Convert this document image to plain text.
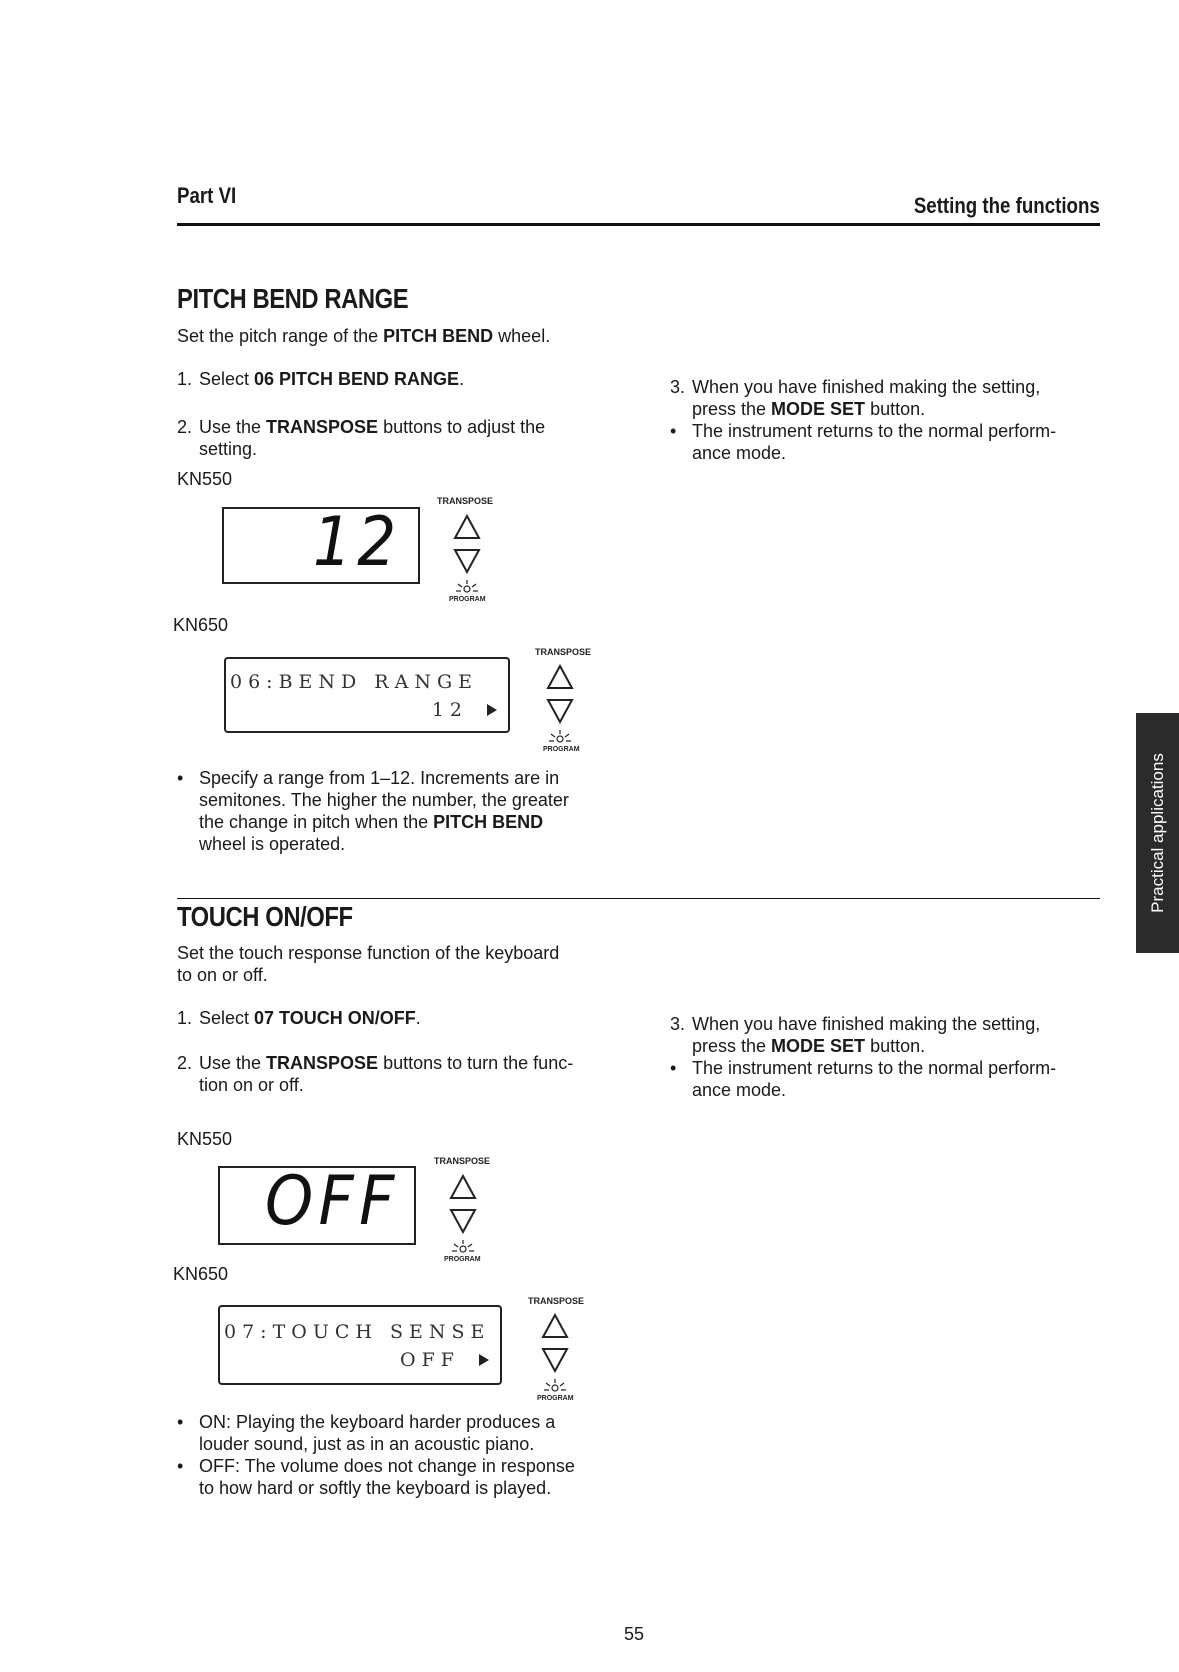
Part VI	Setting the functions
PITCH BEND RANGE
Set the pitch range of the PITCH BEND wheel.
1. Select 06 PITCH BEND RANGE.
2. Use the TRANSPOSE buttons to adjust the
setting.
KN550
12
TRANSPOSE
PROGRAM
KN650
06:BEND RANGE
12
TRANSPOSE
PROGRAM
• Specify a range from 1–12. Increments are in
semitones. The higher the number, the greater
the change in pitch when the PITCH BEND
wheel is operated.
3. When you have finished making the setting,
press the MODE SET button.
• The instrument returns to the normal perform-
ance mode.
TOUCH ON/OFF
Set the touch response function of the keyboard
to on or off.
1. Select 07 TOUCH ON/OFF.
2. Use the TRANSPOSE buttons to turn the func-
tion on or off.
KN550
OFF
TRANSPOSE
PROGRAM
KN650
07:TOUCH SENSE
OFF
TRANSPOSE
PROGRAM
• ON: Playing the keyboard harder produces a
louder sound, just as in an acoustic piano.
• OFF: The volume does not change in response
to how hard or softly the keyboard is played.
3. When you have finished making the setting,
press the MODE SET button.
• The instrument returns to the normal perform-
ance mode.
Practical applications
55
